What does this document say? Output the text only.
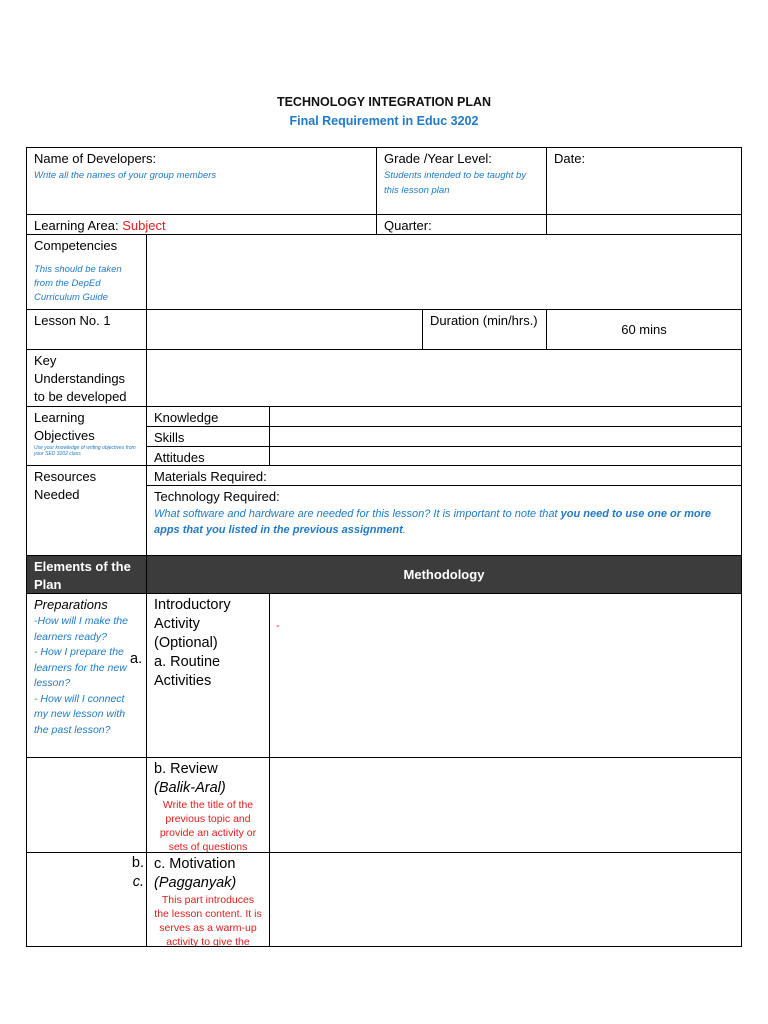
TECHNOLOGY INTEGRATION PLAN
Final Requirement in Educ 3202
Name of Developers:
Write all the names of your group members
Grade /Year Level:
Students intended to be taught by this lesson plan
Date:
Learning Area: Subject	Quarter:
Competencies
This should be taken from the DepEd Curriculum Guide
Lesson No. 1	Duration (min/hrs.)
60 mins
Key Understandings to be developed
Learning Objectives
Use your knowledge of writing objectives from your SED 3202 class
Knowledge
Skills
Attitudes
Resources Needed
Materials Required:
Technology Required:
What software and hardware are needed for this lesson? It is important to note that you need to use one or more apps that you listed in the previous assignment.
Elements of the Plan
Methodology
Preparations
-How will I make the learners ready?
- How I prepare the learners for the new lesson?
- How will I connect my new lesson with the past lesson?
Introductory Activity (Optional)
a. Routine Activities
-
a.
b. Review
(Balik-Aral)
Write the title of the previous topic and provide an activity or sets of questions
b.
c.
c. Motivation
(Pagganyak)
This part introduces the lesson content. It is serves as a warm-up activity to give the
